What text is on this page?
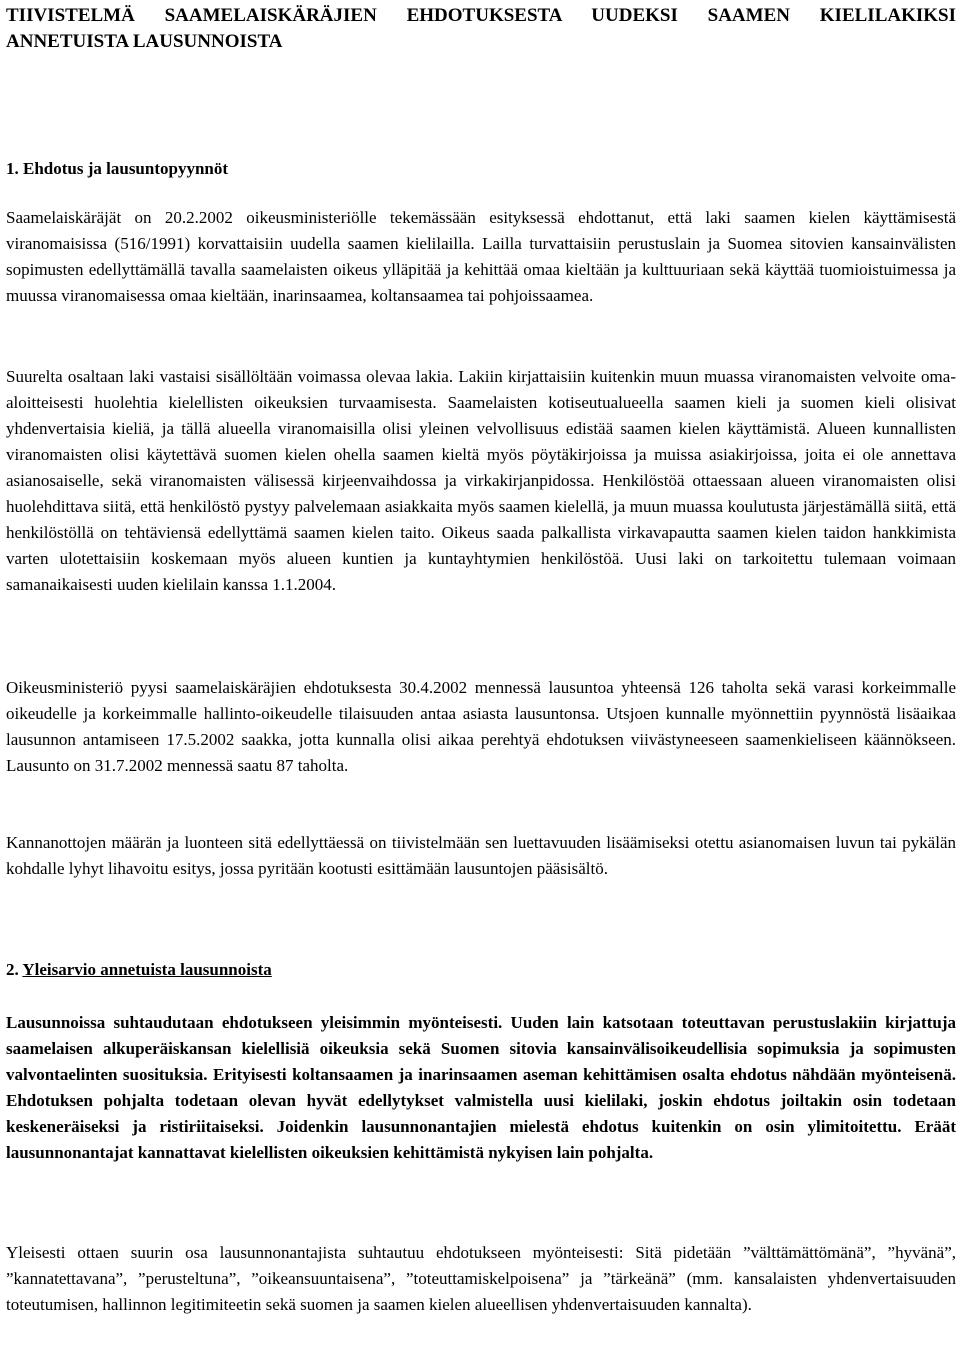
TIIVISTELMÄ SAAMELAISKÄRÄJIEN EHDOTUKSESTA UUDEKSI SAAMEN KIELILAKIKSI ANNETUISTA LAUSUNNOISTA
1. Ehdotus ja lausuntopyynnöt

Saamelaiskäräjät on 20.2.2002 oikeusministeriölle tekemässään esityksessä ehdottanut, että laki saamen kielen käyttämisestä viranomaisissa (516/1991) korvattaisiin uudella saamen kielilailla. Lailla turvattaisiin perustuslain ja Suomea sitovien kansainvälisten sopimusten edellyttämällä tavalla saamelaisten oikeus ylläpitää ja kehittää omaa kieltään ja kulttuuriaan sekä käyttää tuomioistuimessa ja muussa viranomaisessa omaa kieltään, inarinsaamea, koltansaamea tai pohjoissaamea.

Suurelta osaltaan laki vastaisi sisällöltään voimassa olevaa lakia. Lakiin kirjattaisiin kuitenkin muun muassa viranomaisten velvoite oma-aloitteisesti huolehtia kielellisten oikeuksien turvaamisesta. Saamelaisten kotiseutualueella saamen kieli ja suomen kieli olisivat yhdenvertaisia kieliä, ja tällä alueella viranomaisilla olisi yleinen velvollisuus edistää saamen kielen käyttämistä. Alueen kunnallisten viranomaisten olisi käytettävä suomen kielen ohella saamen kieltä myös pöytäkirjoissa ja muissa asiakirjoissa, joita ei ole annettava asianosaiselle, sekä viranomaisten välisessä kirjeenvaihdossa ja virkakirjanpidossa. Henkilöstöä ottaessaan alueen viranomaisten olisi huolehdittava siitä, että henkilöstö pystyy palvelemaan asiakkaita myös saamen kielellä, ja muun muassa koulutusta järjestämällä siitä, että henkilöstöllä on tehtäviensä edellyttämä saamen kielen taito. Oikeus saada palkallista virkavapautta saamen kielen taidon hankkimista varten ulotettaisiin koskemaan myös alueen kuntien ja kuntayhtymien henkilöstöä. Uusi laki on tarkoitettu tulemaan voimaan samanaikaisesti uuden kielilain kanssa 1.1.2004.

Oikeusministeriö pyysi saamelaiskäräjien ehdotuksesta 30.4.2002 mennessä lausuntoa yhteensä 126 taholta sekä varasi korkeimmalle oikeudelle ja korkeimmalle hallinto-oikeudelle tilaisuuden antaa asiasta lausuntonsa. Utsjoen kunnalle myönnettiin pyynnöstä lisäaikaa lausunnon antamiseen 17.5.2002 saakka, jotta kunnalla olisi aikaa perehtyä ehdotuksen viivästyneeseen saamenkieliseen käännökseen. Lausunto on 31.7.2002 mennessä saatu 87 taholta.

Kannanottojen määrän ja luonteen sitä edellyttäessä on tiivistelmään sen luettavuuden lisäämiseksi otettu asianomaisen luvun tai pykälän kohdalle lyhyt lihavoitu esitys, jossa pyritään kootusti esittämään lausuntojen pääsisältö.

2. Yleisarvio annetuista lausunnoista

Lausunnoissa suhtaudutaan ehdotukseen yleisimmin myönteisesti. Uuden lain katsotaan toteuttavan perustuslakiin kirjattuja saamelaisen alkuperäiskansan kielellisiä oikeuksia sekä Suomen sitovia kansainvälisoikeudellisia sopimuksia ja sopimusten valvontaelinten suosituksia. Erityisesti koltansaamen ja inarinsaamen aseman kehittämisen osalta ehdotus nähdään myönteisenä. Ehdotuksen pohjalta todetaan olevan hyvät edellytykset valmistella uusi kielilaki, joskin ehdotus joiltakin osin todetaan keskeneräiseksi ja ristiriitaiseksi. Joidenkin lausunnonantajien mielestä ehdotus kuitenkin on osin ylimitoitettu. Eräät lausunnonantajat kannattavat kielellisten oikeuksien kehittämistä nykyisen lain pohjalta.

Yleisesti ottaen suurin osa lausunnonantajista suhtautuu ehdotukseen myönteisesti: Sitä pidetään ”välttämättömänä”, ”hyvänä”, ”kannatettavana”, ”perusteltuna”, ”oikeansuuntaisena”, ”toteuttamiskelpoisena” ja ”tärkeänä” (mm. kansalaisten yhdenvertaisuuden toteutumisen, hallinnon legitimiteetin sekä suomen ja saamen kielen alueellisen yhdenvertaisuuden kannalta).
